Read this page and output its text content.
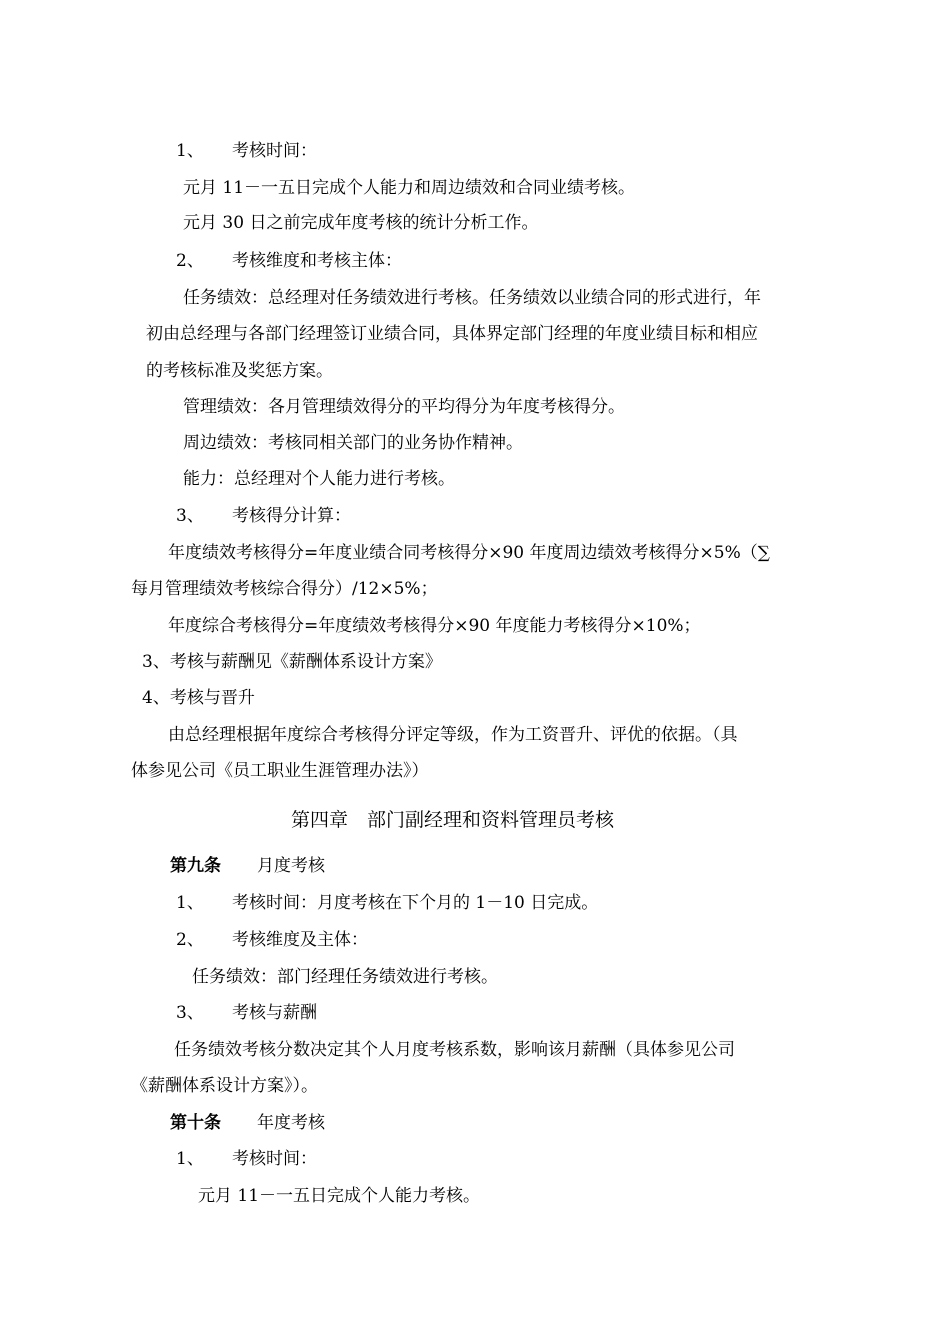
1、 考核时间：
元月 11－一五日完成个人能力和周边绩效和合同业绩考核。
元月 30 日之前完成年度考核的统计分析工作。
2、 考核维度和考核主体：
任务绩效：总经理对任务绩效进行考核。任务绩效以业绩合同的形式进行，年
初由总经理与各部门经理签订业绩合同，具体界定部门经理的年度业绩目标和相应
的考核标准及奖惩方案。
管理绩效：各月管理绩效得分的平均得分为年度考核得分。
周边绩效：考核同相关部门的业务协作精神。
能力：总经理对个人能力进行考核。
3、 考核得分计算：
年度绩效考核得分=年度业绩合同考核得分×90 年度周边绩效考核得分×5%（∑
每月管理绩效考核综合得分）/12×5%；
年度综合考核得分=年度绩效考核得分×90 年度能力考核得分×10%；
3、考核与薪酬见《薪酬体系设计方案》
4、考核与晋升
由总经理根据年度综合考核得分评定等级，作为工资晋升、评优的依据。（具
体参见公司《员工职业生涯管理办法》）
第四章　部门副经理和资料管理员考核
第九条 月度考核
1、 考核时间：月度考核在下个月的 1－10 日完成。
2、 考核维度及主体：
任务绩效：部门经理任务绩效进行考核。
3、 考核与薪酬
任务绩效考核分数决定其个人月度考核系数，影响该月薪酬（具体参见公司
《薪酬体系设计方案》）。
第十条 年度考核
1、 考核时间：
元月 11－一五日完成个人能力考核。
